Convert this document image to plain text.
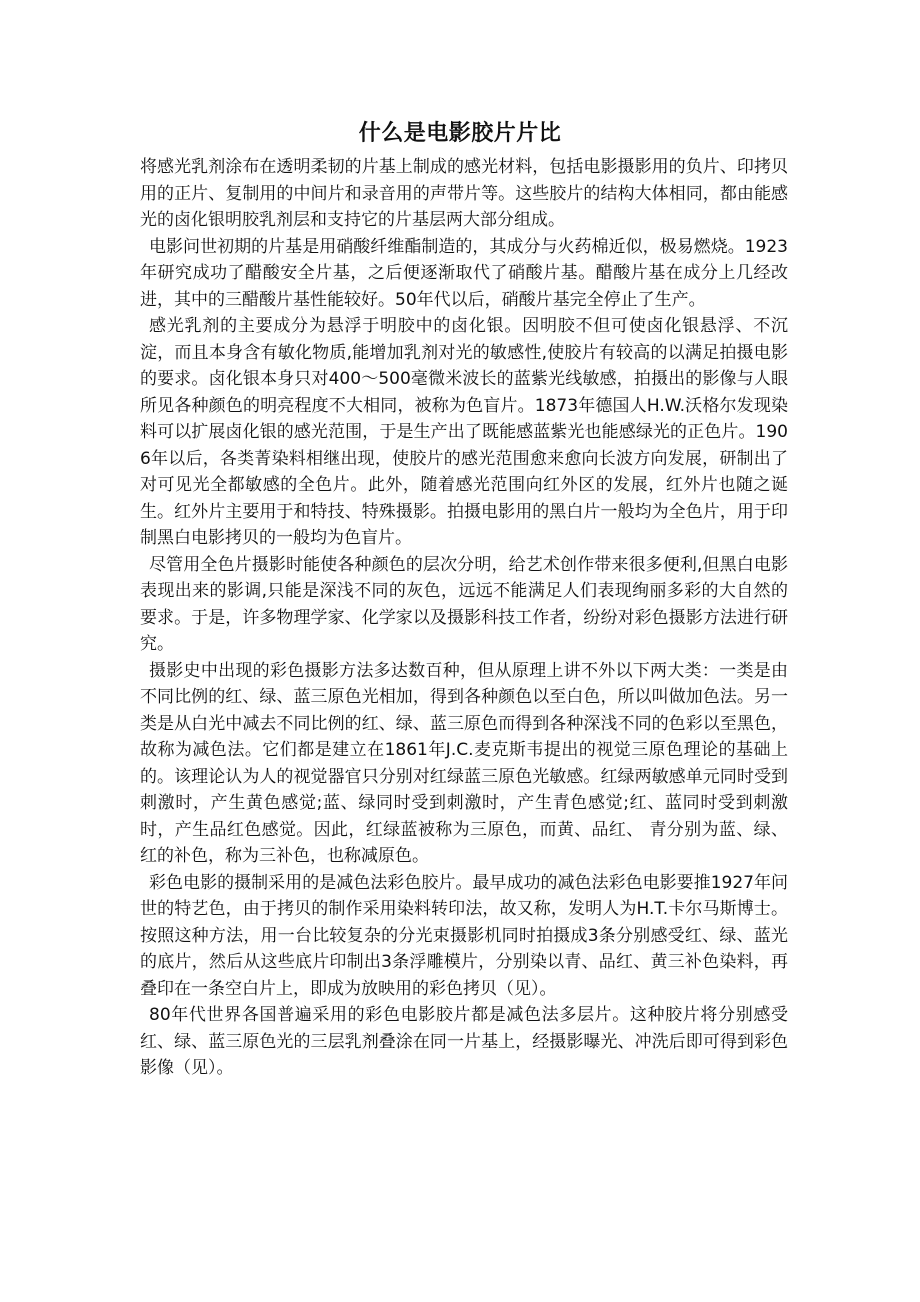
什么是电影胶片片比

将感光乳剂涂布在透明柔韧的片基上制成的感光材料，包括电影摄影用的负片、印拷贝用的正片、复制用的中间片和录音用的声带片等。这些胶片的结构大体相同，都由能感光的卤化银明胶乳剂层和支持它的片基层两大部分组成。

电影问世初期的片基是用硝酸纤维酯制造的，其成分与火药棉近似，极易燃烧。1923年研究成功了醋酸安全片基，之后便逐渐取代了硝酸片基。醋酸片基在成分上几经改进，其中的三醋酸片基性能较好。50年代以后，硝酸片基完全停止了生产。

感光乳剂的主要成分为悬浮于明胶中的卤化银。因明胶不但可使卤化银悬浮、不沉淀，而且本身含有敏化物质,能增加乳剂对光的敏感性,使胶片有较高的以满足拍摄电影的要求。卤化银本身只对400～500毫微米波长的蓝紫光线敏感，拍摄出的影像与人眼所见各种颜色的明亮程度不大相同，被称为色盲片。1873年德国人H.W.沃格尔发现染料可以扩展卤化银的感光范围，于是生产出了既能感蓝紫光也能感绿光的正色片。1906年以后，各类菁染料相继出现，使胶片的感光范围愈来愈向长波方向发展，研制出了对可见光全都敏感的全色片。此外，随着感光范围向红外区的发展，红外片也随之诞生。红外片主要用于和特技、特殊摄影。拍摄电影用的黑白片一般均为全色片，用于印制黑白电影拷贝的一般均为色盲片。

尽管用全色片摄影时能使各种颜色的层次分明，给艺术创作带来很多便利,但黑白电影表现出来的影调,只能是深浅不同的灰色，远远不能满足人们表现绚丽多彩的大自然的要求。于是，许多物理学家、化学家以及摄影科技工作者，纷纷对彩色摄影方法进行研究。

摄影史中出现的彩色摄影方法多达数百种，但从原理上讲不外以下两大类：一类是由不同比例的红、绿、蓝三原色光相加，得到各种颜色以至白色，所以叫做加色法。另一类是从白光中减去不同比例的红、绿、蓝三原色而得到各种深浅不同的色彩以至黑色，故称为减色法。它们都是建立在1861年J.C.麦克斯韦提出的视觉三原色理论的基础上的。该理论认为人的视觉器官只分别对红绿蓝三原色光敏感。红绿两敏感单元同时受到刺激时，产生黄色感觉;蓝、绿同时受到刺激时，产生青色感觉;红、蓝同时受到刺激时，产生品红色感觉。因此，红绿蓝被称为三原色，而黄、品红、 青分别为蓝、绿、红的补色，称为三补色，也称减原色。

彩色电影的摄制采用的是减色法彩色胶片。最早成功的减色法彩色电影要推1927年问世的特艺色，由于拷贝的制作采用染料转印法，故又称，发明人为H.T.卡尔马斯博士。按照这种方法，用一台比较复杂的分光束摄影机同时拍摄成3条分别感受红、绿、蓝光的底片，然后从这些底片印制出3条浮雕模片，分别染以青、品红、黄三补色染料，再叠印在一条空白片上，即成为放映用的彩色拷贝（见）。

80年代世界各国普遍采用的彩色电影胶片都是减色法多层片。这种胶片将分别感受红、绿、蓝三原色光的三层乳剂叠涂在同一片基上，经摄影曝光、冲洗后即可得到彩色影像（见）。
